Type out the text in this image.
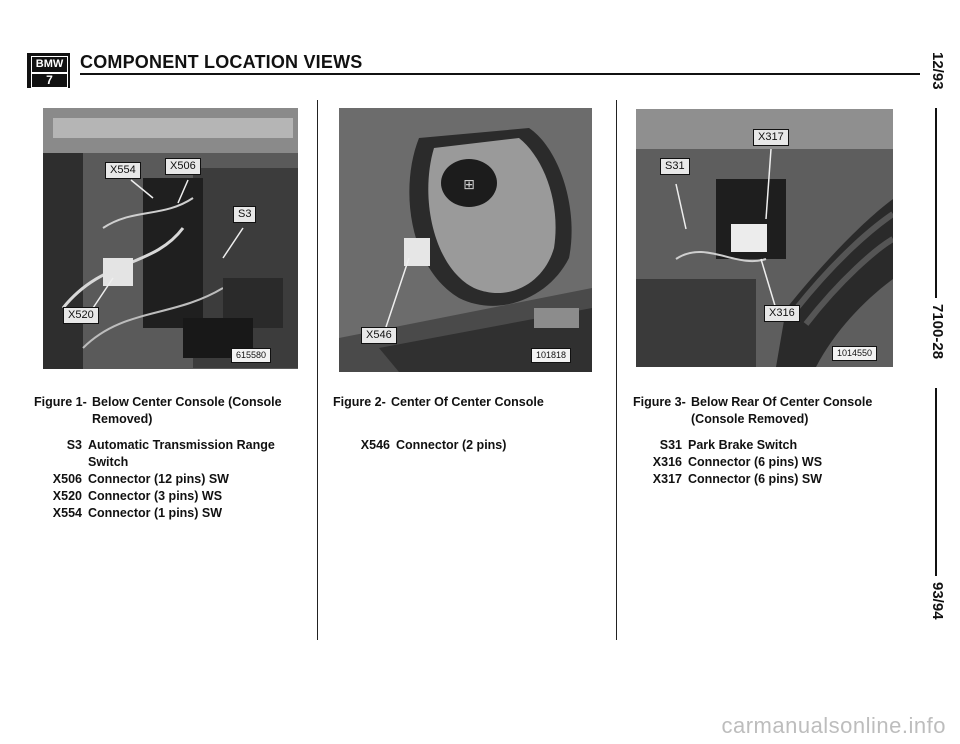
BMW
7
COMPONENT LOCATION VIEWS
X554	X506
S3
X520
615580
⊞
X546
101818
X317
S31
X316
1014550
Figure 1- Below Center Console (Console
Removed)
S3 Automatic Transmission Range
Switch
X506 Connector (12 pins) SW
X520 Connector (3 pins) WS
X554 Connector (1 pins) SW
Figure 2- Center Of Center Console
X546 Connector (2 pins)
Figure 3- Below Rear Of Center Console
(Console Removed)
S31 Park Brake Switch
X316 Connector (6 pins) WS
X317 Connector (6 pins) SW
12/93
7100-28
93/94
carmanualsonline.info
